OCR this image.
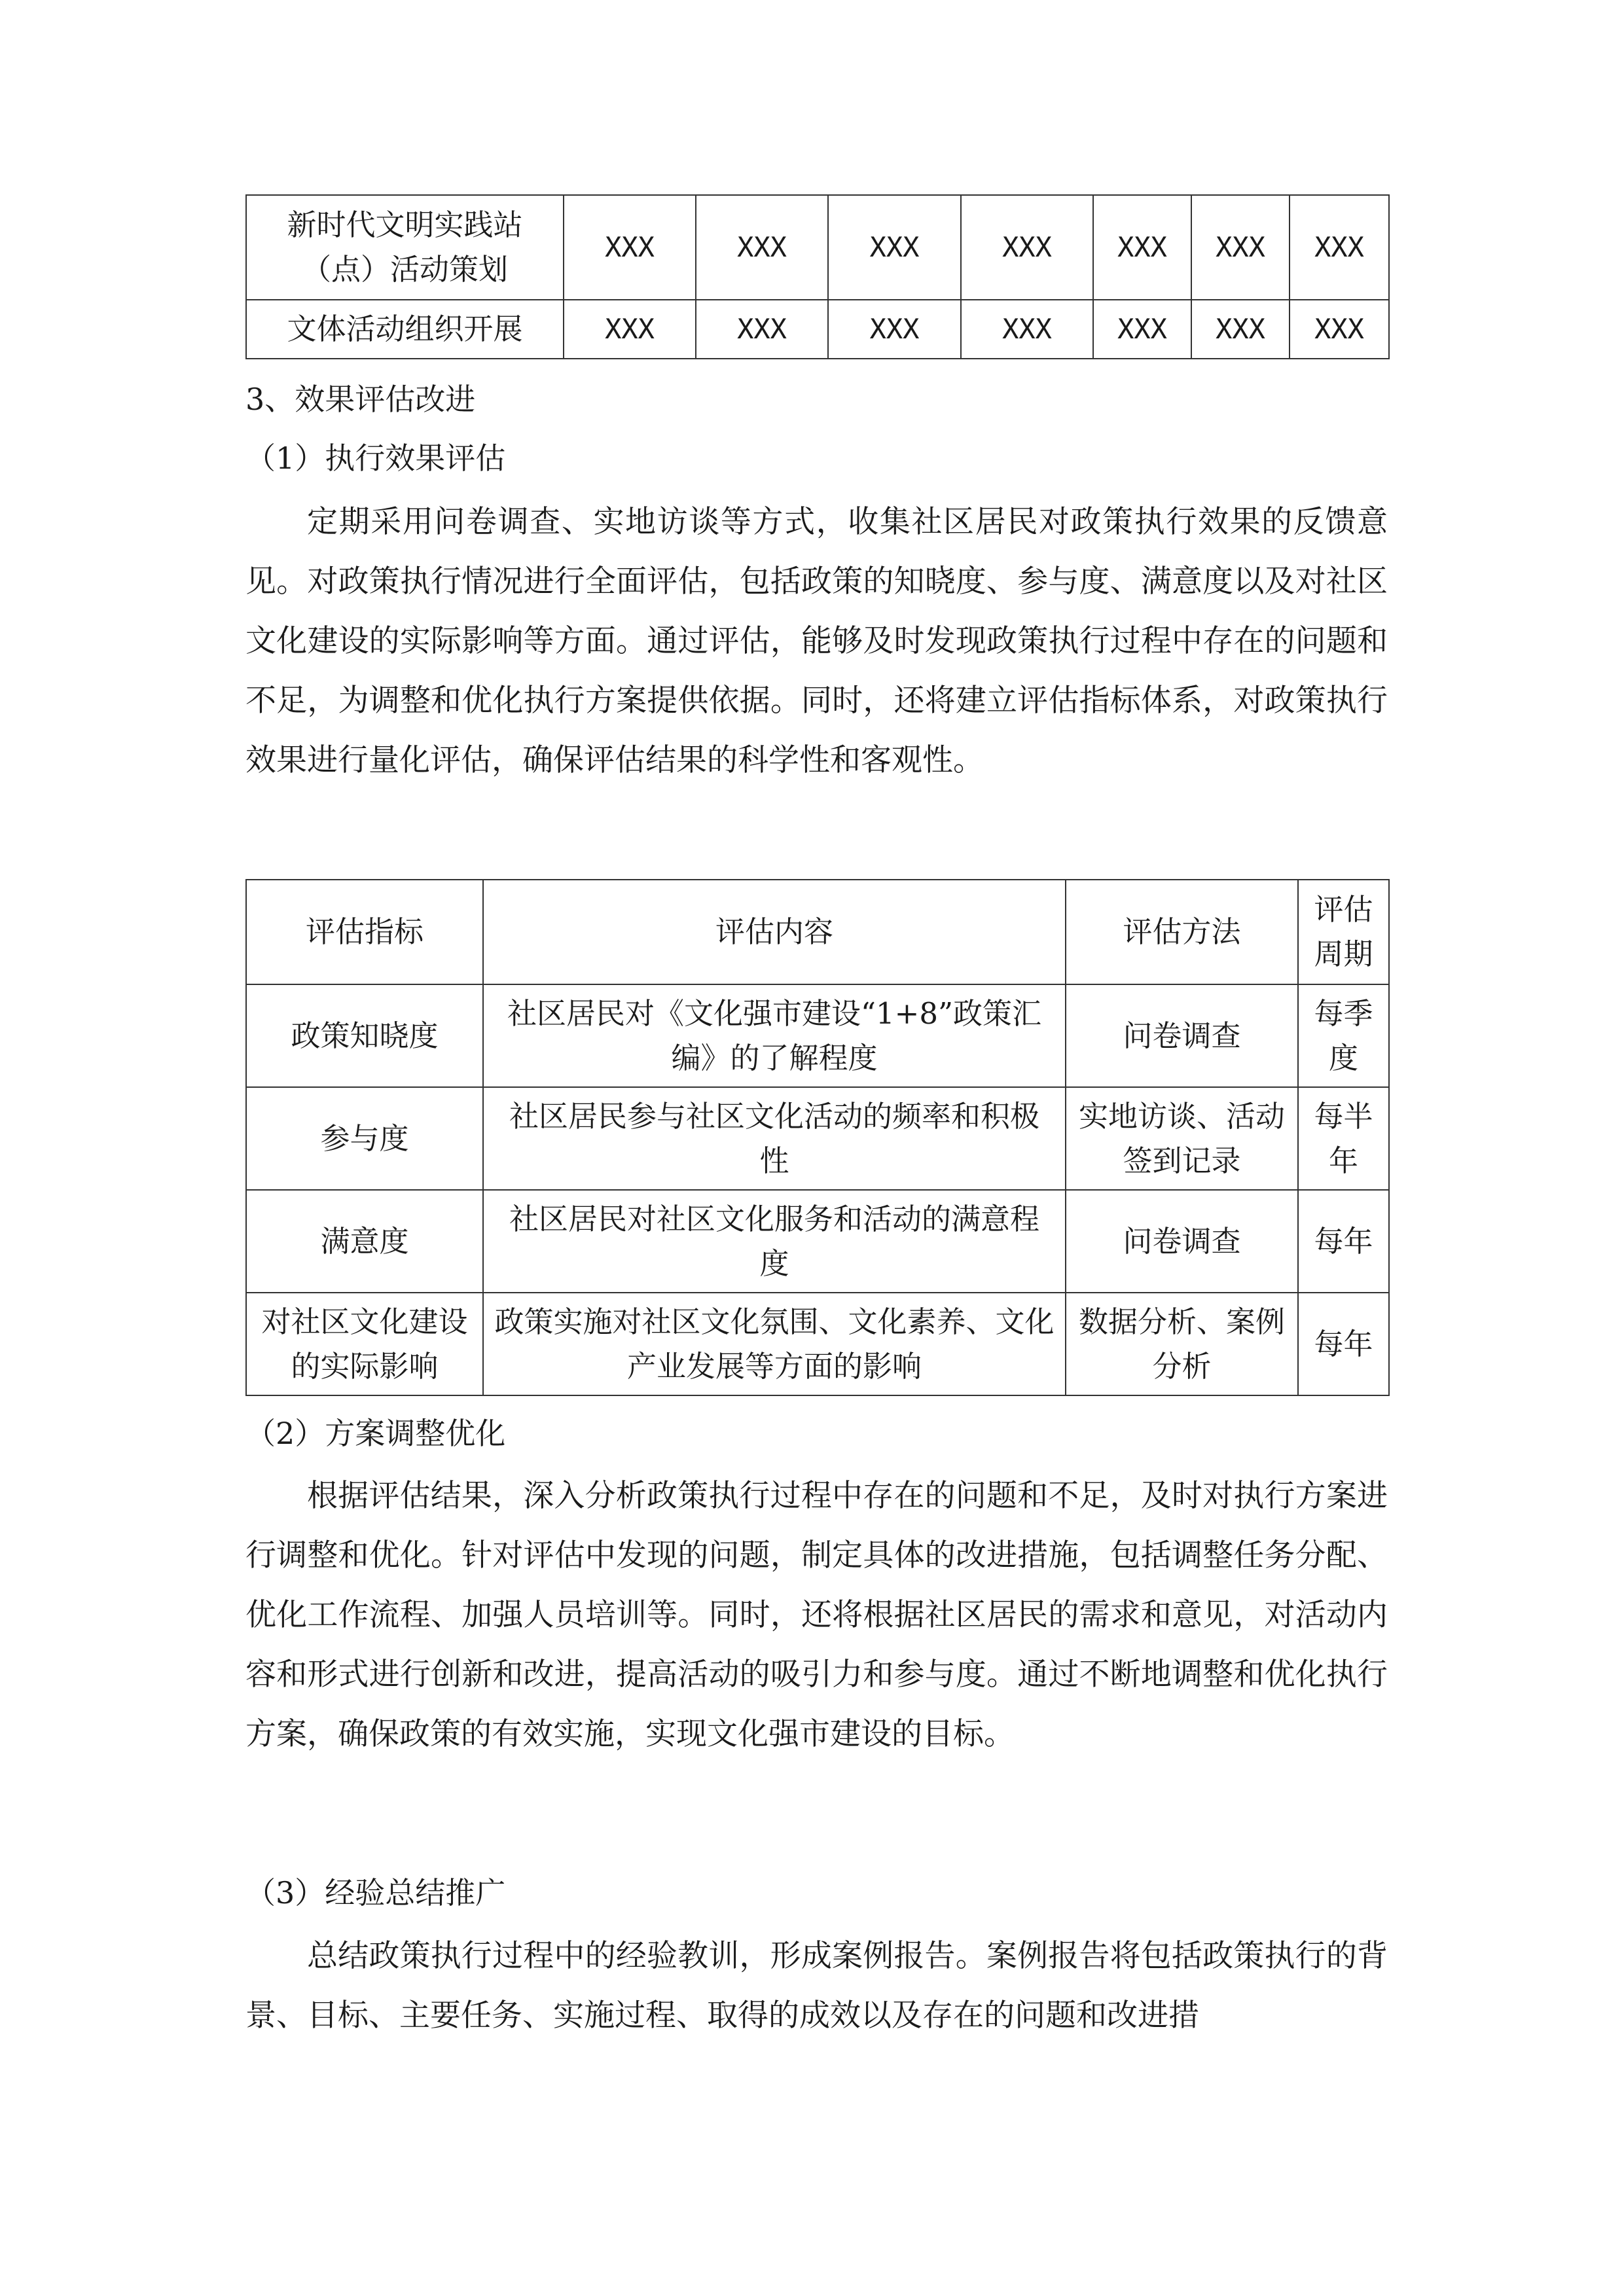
新时代文明实践站（点）活动策划	XXX	XXX	XXX	XXX	XXX	XXX	XXX
文体活动组织开展	XXX	XXX	XXX	XXX	XXX	XXX	XXX
3、效果评估改进
（1）执行效果评估

定期采用问卷调查、实地访谈等方式，收集社区居民对政策执行效果的反馈意见。对政策执行情况进行全面评估，包括政策的知晓度、参与度、满意度以及对社区文化建设的实际影响等方面。通过评估，能够及时发现政策执行过程中存在的问题和不足，为调整和优化执行方案提供依据。同时，还将建立评估指标体系，对政策执行效果进行量化评估，确保评估结果的科学性和客观性。

评估指标	评估内容	评估方法	评估周期
政策知晓度	社区居民对《文化强市建设“1+8”政策汇编》的了解程度	问卷调查	每季度
参与度	社区居民参与社区文化活动的频率和积极性	实地访谈、活动签到记录	每半年
满意度	社区居民对社区文化服务和活动的满意程度	问卷调查	每年
对社区文化建设的实际影响	政策实施对社区文化氛围、文化素养、文化产业发展等方面的影响	数据分析、案例分析	每年
（2）方案调整优化

根据评估结果，深入分析政策执行过程中存在的问题和不足，及时对执行方案进行调整和优化。针对评估中发现的问题，制定具体的改进措施，包括调整任务分配、优化工作流程、加强人员培训等。同时，还将根据社区居民的需求和意见，对活动内容和形式进行创新和改进，提高活动的吸引力和参与度。通过不断地调整和优化执行方案，确保政策的有效实施，实现文化强市建设的目标。

（3）经验总结推广

总结政策执行过程中的经验教训，形成案例报告。案例报告将包括政策执行的背景、目标、主要任务、实施过程、取得的成效以及存在的问题和改进措
